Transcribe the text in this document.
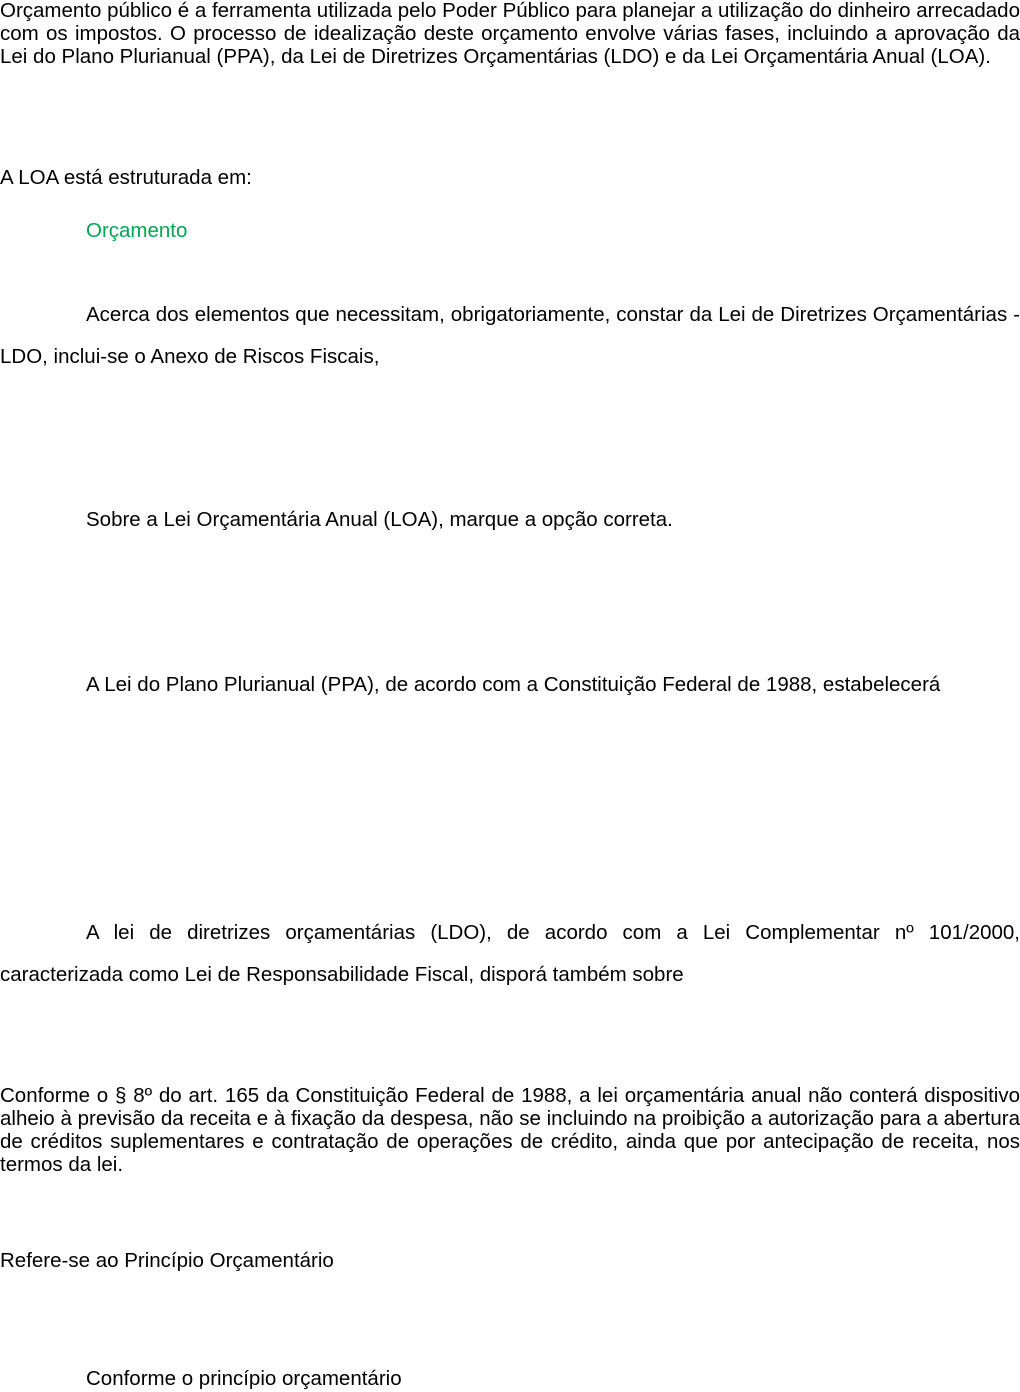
Orçamento público é a ferramenta utilizada pelo Poder Público para planejar a utilização do dinheiro arrecadado com os impostos. O processo de idealização deste orçamento envolve várias fases, incluindo a aprovação da Lei do Plano Plurianual (PPA), da Lei de Diretrizes Orçamentárias (LDO) e da Lei Orçamentária Anual (LOA).

A LOA está estruturada em:

Orçamento

Acerca dos elementos que necessitam, obrigatoriamente, constar da Lei de Diretrizes Orçamentárias - LDO, inclui-se o Anexo de Riscos Fiscais,

Sobre a Lei Orçamentária Anual (LOA), marque a opção correta.

A Lei do Plano Plurianual (PPA), de acordo com a Constituição Federal de 1988, estabelecerá

A lei de diretrizes orçamentárias (LDO), de acordo com a Lei Complementar nº 101/2000, caracterizada como Lei de Responsabilidade Fiscal, disporá também sobre

Conforme o § 8º do art. 165 da Constituição Federal de 1988, a lei orçamentária anual não conterá dispositivo alheio à previsão da receita e à fixação da despesa, não se incluindo na proibição a autorização para a abertura de créditos suplementares e contratação de operações de crédito, ainda que por antecipação de receita, nos termos da lei.

Refere-se ao Princípio Orçamentário

Conforme o princípio orçamentário
